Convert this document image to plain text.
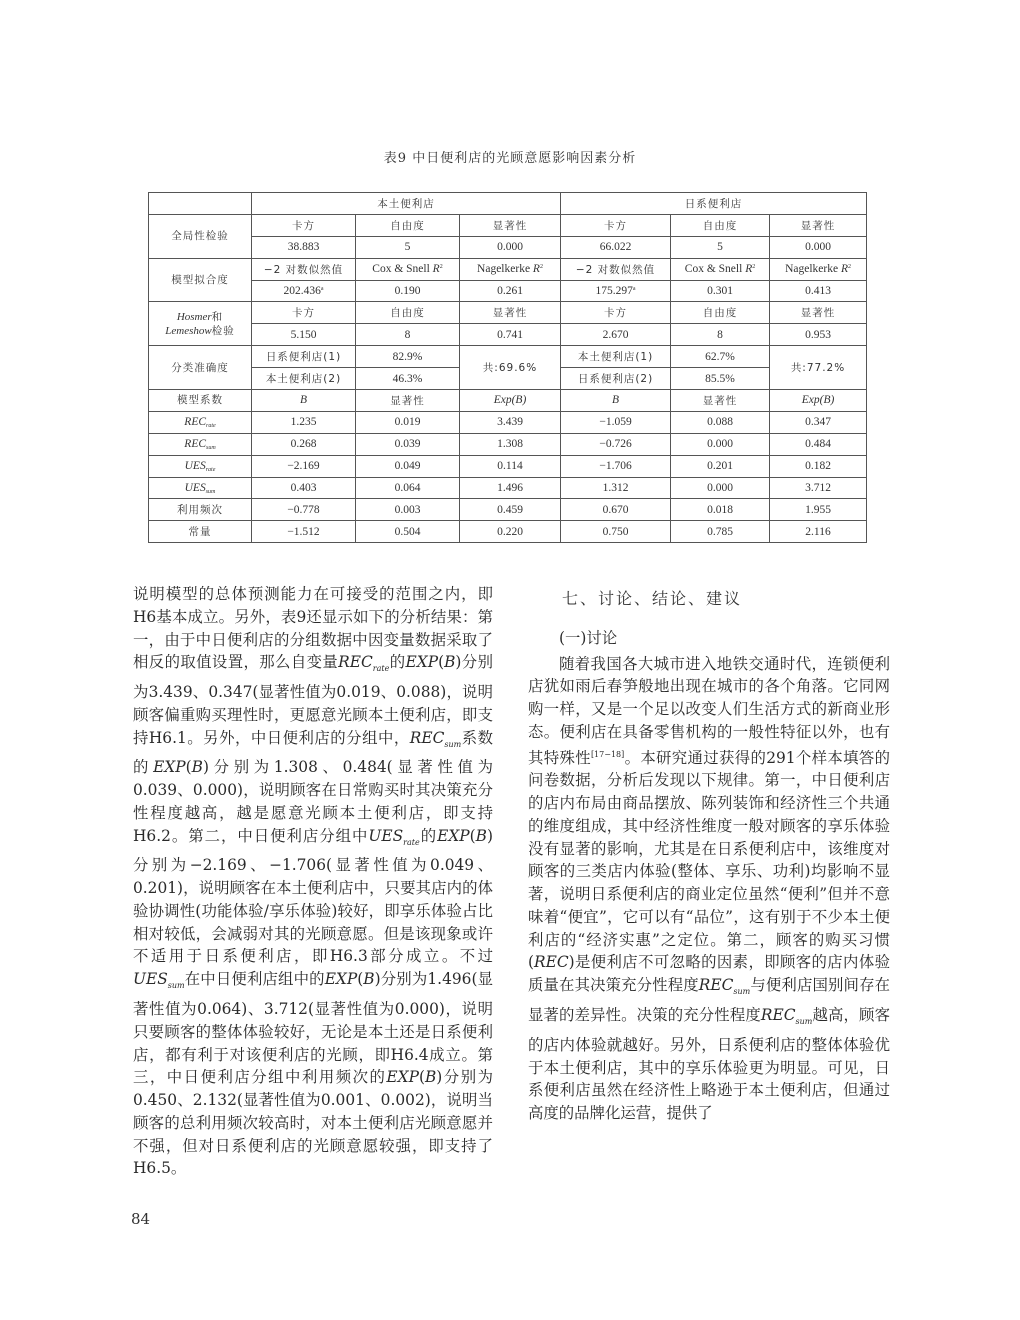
表9 中日便利店的光顾意愿影响因素分析
	本土便利店			日系便利店		
全局性检验	卡方	自由度	显著性	卡方	自由度	显著性
	38.883	5	0.000	66.022	5	0.000
模型拟合度	−2 对数似然值	Cox & Snell $R^2$	Nagelkerke $R^2$	−2 对数似然值	Cox & Snell $R^2$	Nagelkerke $R^2$
	202.436$^a$	0.190	0.261	175.297$^a$	0.301	0.413
Hosmer和
Lemeshow检验	卡方	自由度	显著性	卡方	自由度	显著性
	5.150	8	0.741	2.670	8	0.953
分类准确度	日系便利店(1)	82.9%	共:69.6%	本土便利店(1)	62.7%	共:77.2%
	本土便利店(2)	46.3%		日系便利店(2)	85.5%	
模型系数	B	显著性	Exp(B)	B	显著性	Exp(B)
$REC_{rate}$	1.235	0.019	3.439	−1.059	0.088	0.347
$REC_{sum}$	0.268	0.039	1.308	−0.726	0.000	0.484
$UES_{rate}$	−2.169	0.049	0.114	−1.706	0.201	0.182
$UES_{sum}$	0.403	0.064	1.496	1.312	0.000	3.712
利用频次	−0.778	0.003	0.459	0.670	0.018	1.955
常量	−1.512	0.504	0.220	0.750	0.785	2.116

说明模型的总体预测能力在可接受的范围之内，即H6基本成立。另外，表9还显示如下的分析结果：第一，由于中日便利店的分组数据中因变量数据采取了相反的取值设置，那么自变量$REC_{rate}$的EXP(B)分别为3.439、0.347(显著性值为0.019、0.088)，说明顾客偏重购买理性时，更愿意光顾本土便利店，即支持H6.1。另外，中日便利店的分组中，$REC_{sum}$系数的EXP(B)分别为1.308、0.484(显著性值为0.039、0.000)，说明顾客在日常购买时其决策充分性程度越高，越是愿意光顾本土便利店，即支持H6.2。第二，中日便利店分组中$UES_{rate}$的EXP(B)分别为−2.169、−1.706(显著性值为0.049、0.201)，说明顾客在本土便利店中，只要其店内的体验协调性(功能体验/享乐体验)较好，即享乐体验占比相对较低，会减弱对其的光顾意愿。但是该现象或许不适用于日系便利店，即H6.3部分成立。不过$UES_{sum}$在中日便利店组中的EXP(B)分别为1.496(显著性值为0.064)、3.712(显著性值为0.000)，说明只要顾客的整体体验较好，无论是本土还是日系便利店，都有利于对该便利店的光顾，即H6.4成立。第三，中日便利店分组中利用频次的EXP(B)分别为0.450、2.132(显著性值为0.001、0.002)，说明当顾客的总利用频次较高时，对本土便利店光顾意愿并不强，但对日系便利店的光顾意愿较强，即支持了H6.5。

七、讨论、结论、建议

(一)讨论

随着我国各大城市进入地铁交通时代，连锁便利店犹如雨后春笋般地出现在城市的各个角落。它同网购一样，又是一个足以改变人们生活方式的新商业形态。便利店在具备零售机构的一般性特征以外，也有其特殊性[17−18]。本研究通过获得的291个样本填答的问卷数据，分析后发现以下规律。第一，中日便利店的店内布局由商品摆放、陈列装饰和经济性三个共通的维度组成，其中经济性维度一般对顾客的享乐体验没有显著的影响，尤其是在日系便利店中，该维度对顾客的三类店内体验(整体、享乐、功利)均影响不显著，说明日系便利店的商业定位虽然“便利”但并不意味着“便宜”，它可以有“品位”，这有别于不少本土便利店的“经济实惠”之定位。第二，顾客的购买习惯(REC)是便利店不可忽略的因素，即顾客的店内体验质量在其决策充分性程度$REC_{sum}$与便利店国别间存在显著的差异性。决策的充分性程度$REC_{sum}$越高，顾客的店内体验就越好。另外，日系便利店的整体体验优于本土便利店，其中的享乐体验更为明显。可见，日系便利店虽然在经济性上略逊于本土便利店，但通过高度的品牌化运营，提供了

84
